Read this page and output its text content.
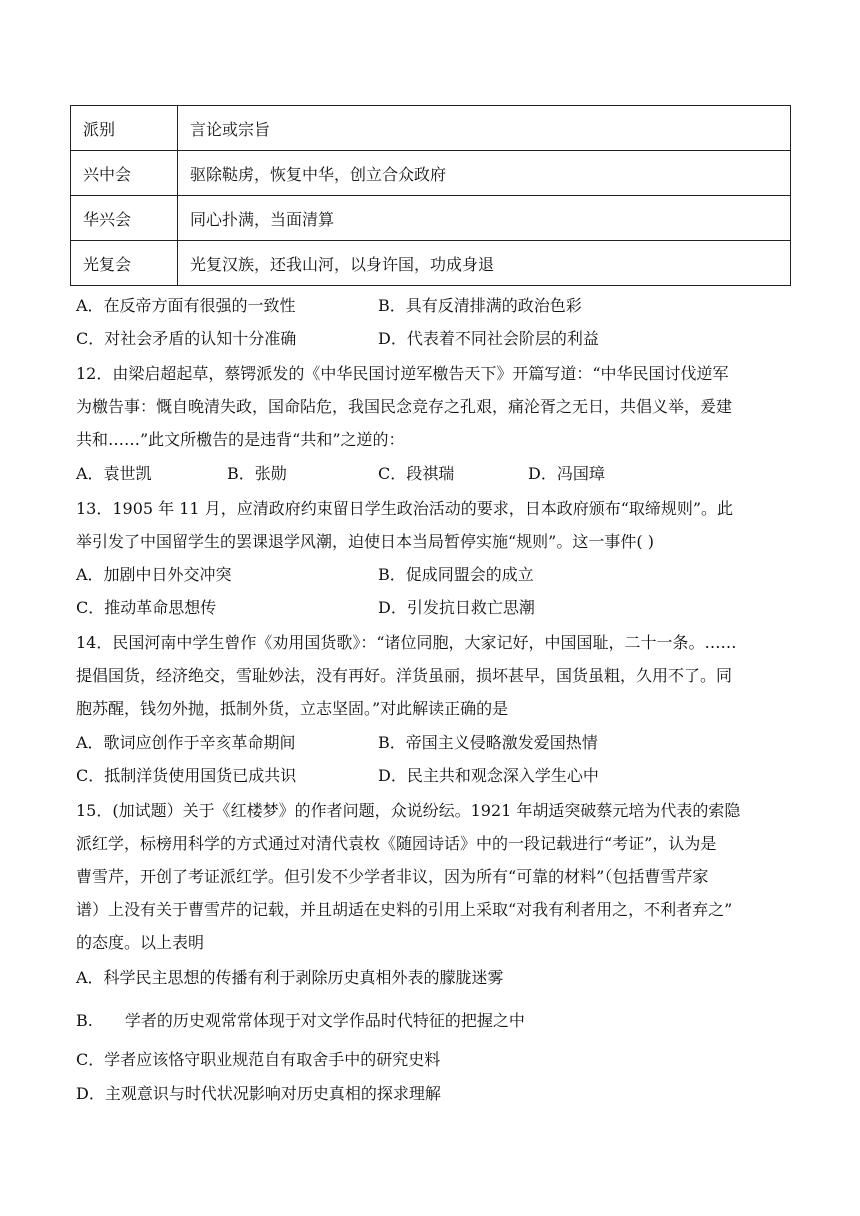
派别	言论或宗旨
兴中会	驱除鞑虏，恢复中华，创立合众政府
华兴会	同心扑满，当面清算
光复会	光复汉族，还我山河，以身许国，功成身退
A．在反帝方面有很强的一致性	B．具有反清排满的政治色彩
C．对社会矛盾的认知十分准确	D．代表着不同社会阶层的利益
12．由梁启超起草，蔡锷派发的《中华民国讨逆军檄告天下》开篇写道：“中华民国讨伐逆军
为檄告事：慨自晚清失政，国命阽危，我国民念竞存之孔艰，痛沦胥之无日，共倡义举，爰建
共和……”此文所檄告的是违背“共和”之逆的：
A．袁世凯	B．张勋	C．段祺瑞	D．冯国璋
13．1905 年 11 月，应清政府约束留日学生政治活动的要求，日本政府颁布“取缔规则”。此
举引发了中国留学生的罢课退学风潮，迫使日本当局暂停实施“规则”。这一事件( )
A．加剧中日外交冲突	B．促成同盟会的成立
C．推动革命思想传	D．引发抗日救亡思潮
14．民国河南中学生曾作《劝用国货歌》：“诸位同胞，大家记好，中国国耻，二十一条。……
提倡国货，经济绝交，雪耻妙法，没有再好。洋货虽丽，损坏甚早，国货虽粗，久用不了。同
胞苏醒，钱勿外抛，抵制外货，立志坚固。”对此解读正确的是
A．歌词应创作于辛亥革命期间	B．帝国主义侵略激发爱国热情
C．抵制洋货使用国货已成共识	D．民主共和观念深入学生心中
15．(加试题）关于《红楼梦》的作者问题，众说纷纭。1921 年胡适突破蔡元培为代表的索隐
派红学，标榜用科学的方式通过对清代袁枚《随园诗话》中的一段记载进行“考证”，认为是
曹雪芹，开创了考证派红学。但引发不少学者非议，因为所有“可靠的材料”（包括曹雪芹家
谱）上没有关于曹雪芹的记载，并且胡适在史料的引用上采取“对我有利者用之，不利者弃之”
的态度。以上表明
A．科学民主思想的传播有利于剥除历史真相外表的朦胧迷雾
B.　　学者的历史观常常体现于对文学作品时代特征的把握之中
C．学者应该恪守职业规范自有取舍手中的研究史料
D．主观意识与时代状况影响对历史真相的探求理解
